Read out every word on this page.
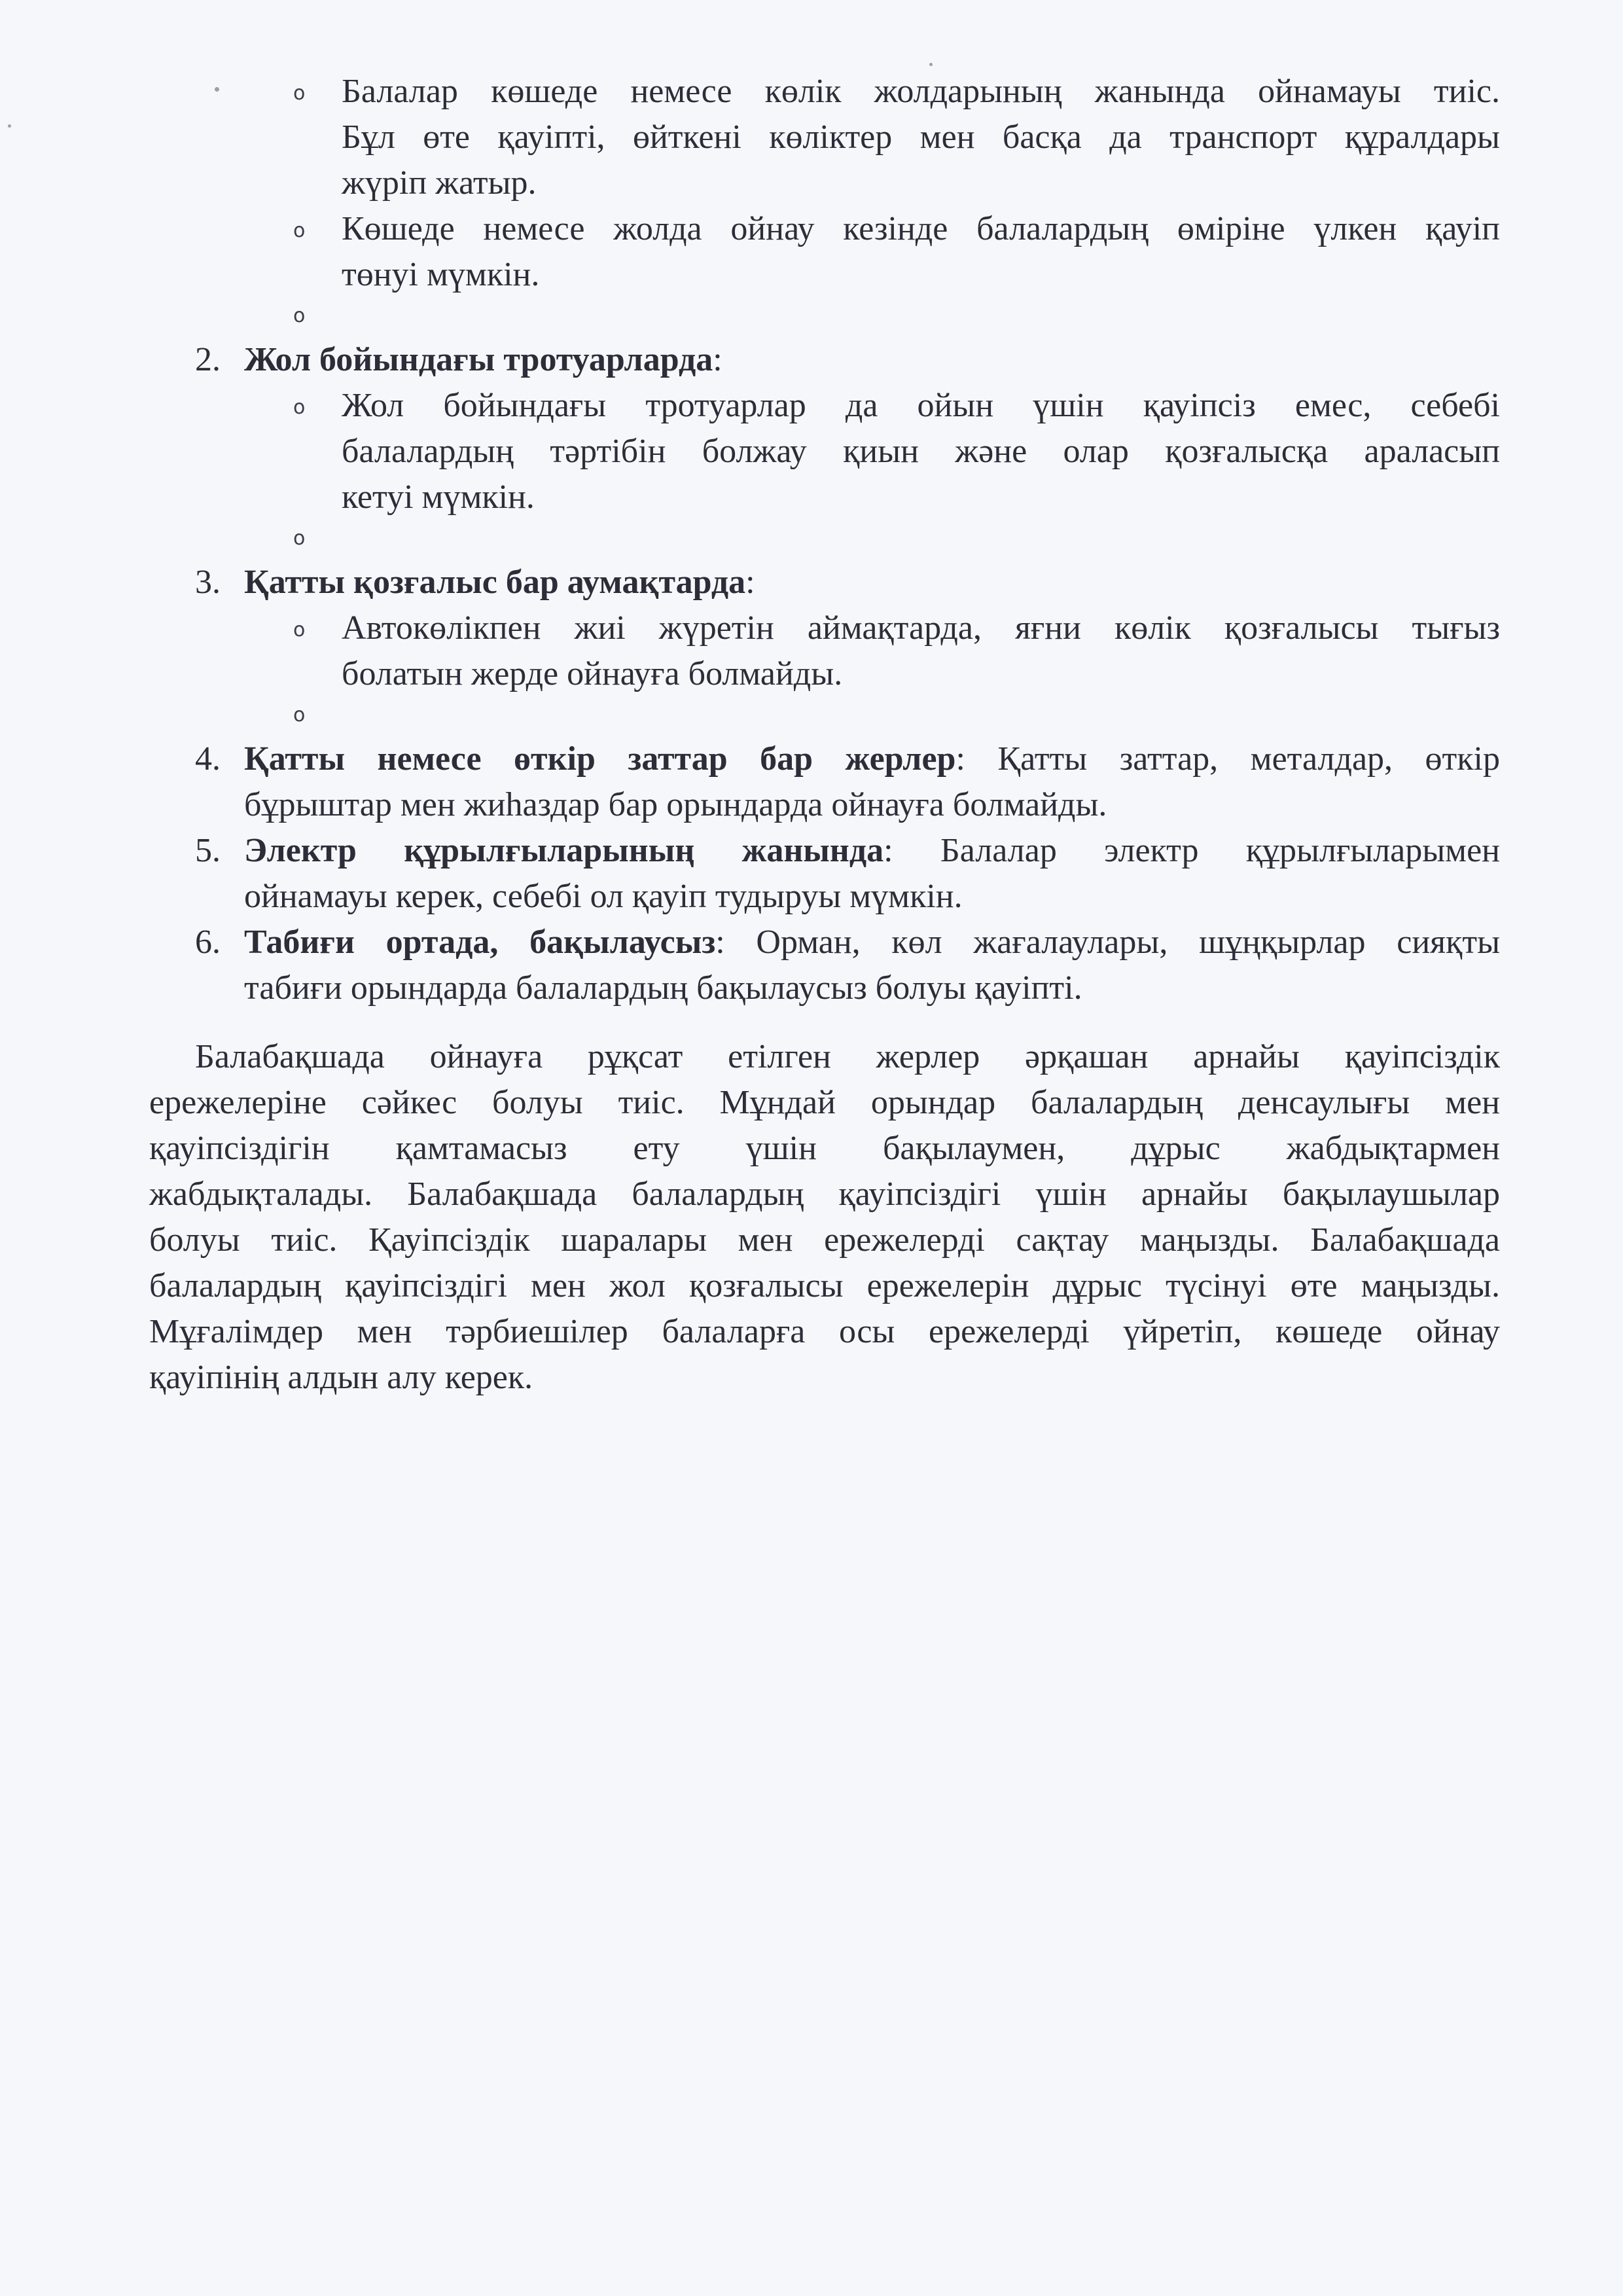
o Балалар көшеде немесе көлік жолдарының жанында ойнамауы тиіс.
Бұл өте қауіпті, өйткені көліктер мен басқа да транспорт құралдары
жүріп жатыр.
o Көшеде немесе жолда ойнау кезінде балалардың өміріне үлкен қауіп
төнуі мүмкін.
o
2. Жол бойындағы тротуарларда:
o Жол бойындағы тротуарлар да ойын үшін қауіпсіз емес, себебі
балалардың тәртібін болжау қиын және олар қозғалысқа араласып
кетуі мүмкін.
o
3. Қатты қозғалыс бар аумақтарда:
o Автокөлікпен жиі жүретін аймақтарда, яғни көлік қозғалысы тығыз
болатын жерде ойнауға болмайды.
o
4. Қатты немесе өткір заттар бар жерлер: Қатты заттар, металдар, өткір
бұрыштар мен жиһаздар бар орындарда ойнауға болмайды.
5. Электр құрылғыларының жанында: Балалар электр құрылғыларымен
ойнамауы керек, себебі ол қауіп тудыруы мүмкін.
6. Табиғи ортада, бақылаусыз: Орман, көл жағалаулары, шұңқырлар сияқты
табиғи орындарда балалардың бақылаусыз болуы қауіпті.
Балабақшада ойнауға рұқсат етілген жерлер әрқашан арнайы қауіпсіздік
ережелеріне сәйкес болуы тиіс. Мұндай орындар балалардың денсаулығы мен
қауіпсіздігін қамтамасыз ету үшін бақылаумен, дұрыс жабдықтармен
жабдықталады. Балабақшада балалардың қауіпсіздігі үшін арнайы бақылаушылар
болуы тиіс. Қауіпсіздік шаралары мен ережелерді сақтау маңызды. Балабақшада
балалардың қауіпсіздігі мен жол қозғалысы ережелерін дұрыс түсінуі өте маңызды.
Мұғалімдер мен тәрбиешілер балаларға осы ережелерді үйретіп, көшеде ойнау
қауіпінің алдын алу керек.
